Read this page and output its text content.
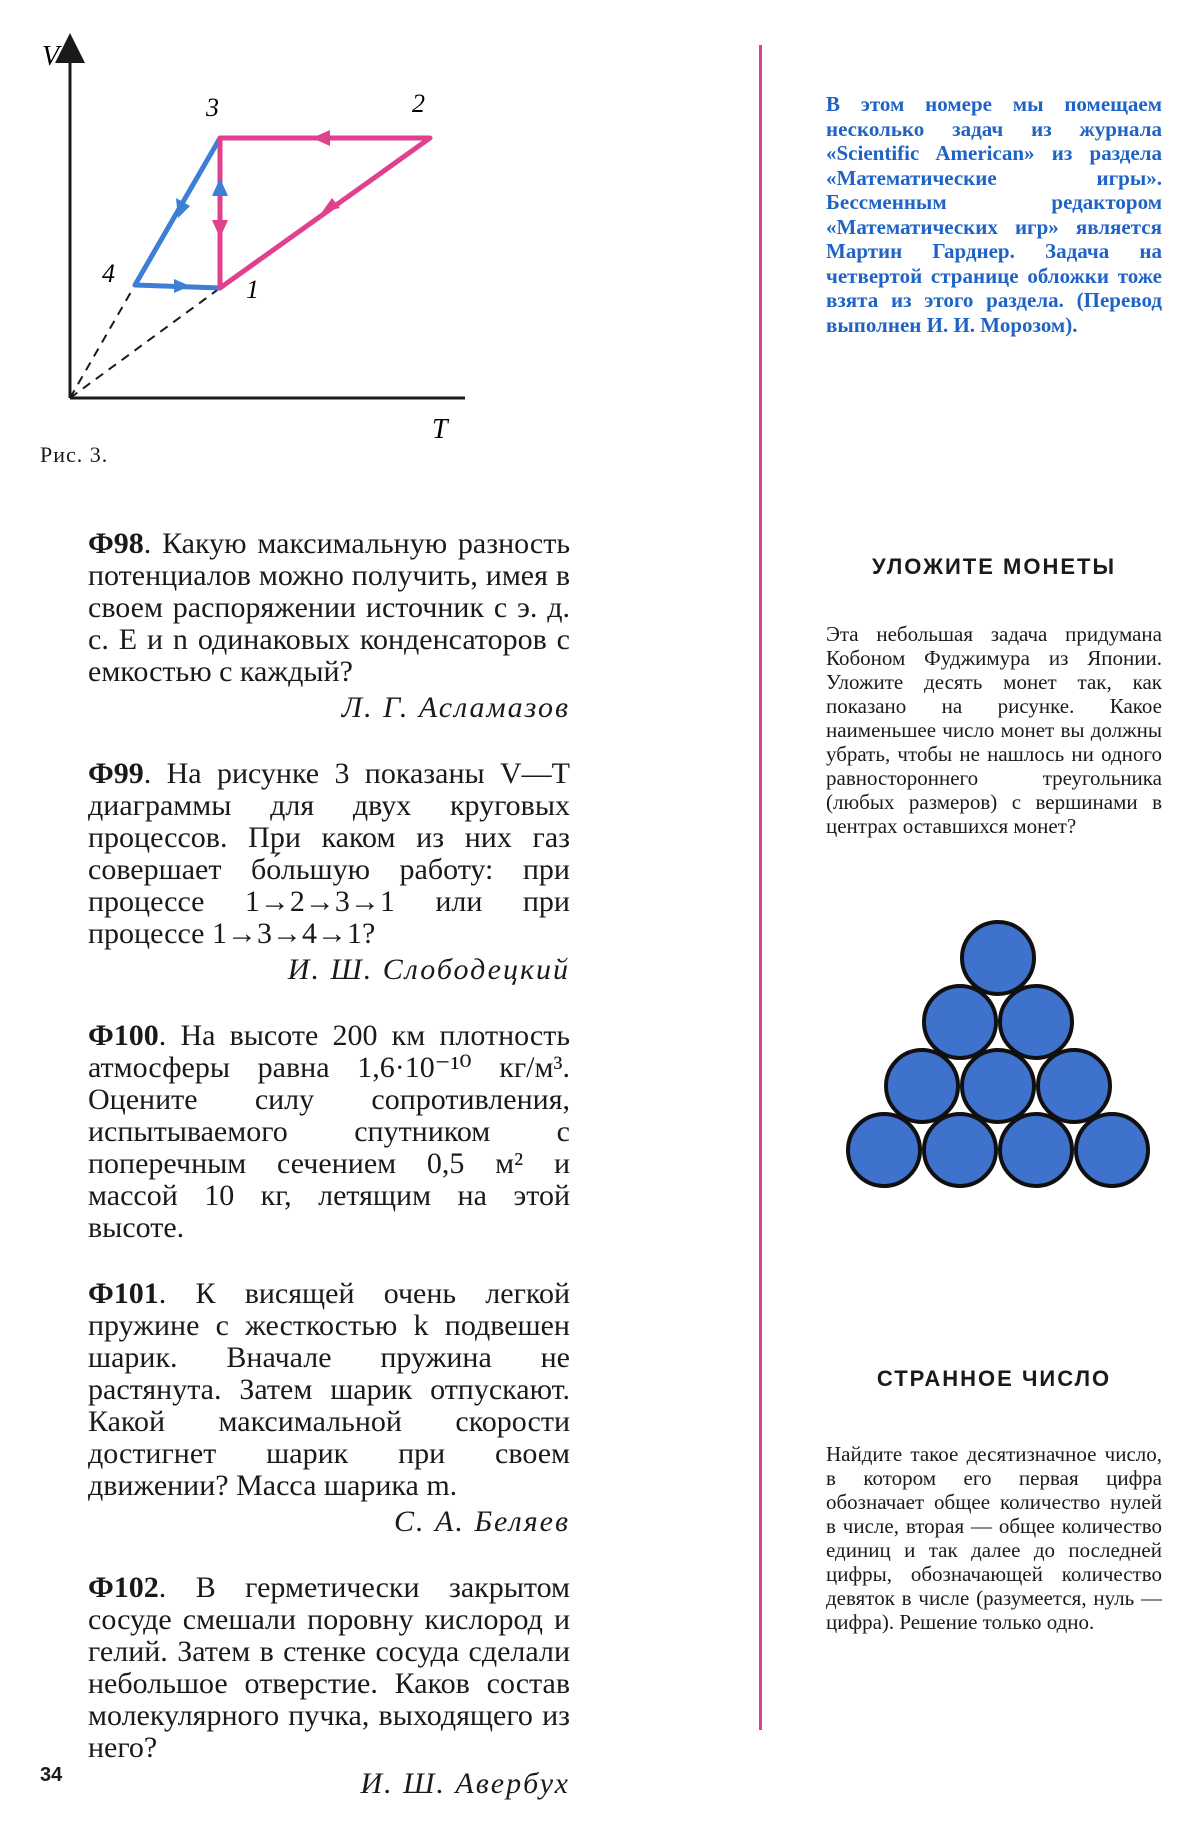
V
T
3	2
4
1
Рис. 3.

Ф98. Какую максимальную разность потенциалов можно получить, имея в своем распоряжении источник с э. д. с. E и n одинаковых конденсаторов с емкостью c каждый?

Л. Г. Асламазов

Ф99. На рисунке 3 показаны V—T диаграммы для двух круговых процессов. При каком из них газ совершает бо́льшую работу: при процессе 1→2→3→1 или при процессе 1→3→4→1?

И. Ш. Слободецкий

Ф100. На высоте 200 км плотность атмосферы равна 1,6·10⁻¹⁰ кг/м³. Оцените силу сопротивления, испытываемого спутником с поперечным сечением 0,5 м² и массой 10 кг, летящим на этой высоте.

Ф101. К висящей очень легкой пружине с жесткостью k подвешен шарик. Вначале пружина не растянута. Затем шарик отпускают. Какой максимальной скорости достигнет шарик при своем движении? Масса шарика m.

С. А. Беляев

Ф102. В герметически закрытом сосуде смешали поровну кислород и гелий. Затем в стенке сосуда сделали небольшое отверстие. Каков состав молекулярного пучка, выходящего из него?

И. Ш. Авербух

В этом номере мы помещаем несколько задач из журнала «Scientific American» из раздела «Математические игры». Бессменным редактором «Математических игр» является Мартин Гарднер. Задача на четвертой странице обложки тоже взята из этого раздела. (Перевод выполнен И. И. Морозом).

УЛОЖИТЕ МОНЕТЫ

Эта небольшая задача придумана Кобоном Фуджимура из Японии. Уложите десять монет так, как показано на рисунке. Какое наименьшее число монет вы должны убрать, чтобы не нашлось ни одного равностороннего треугольника (любых размеров) с вершинами в центрах оставшихся монет?

СТРАННОЕ ЧИСЛО

Найдите такое десятизначное число, в котором его первая цифра обозначает общее количество нулей в числе, вторая — общее количество единиц и так далее до последней цифры, обозначающей количество девяток в числе (разумеется, нуль — цифра). Решение только одно.

34
